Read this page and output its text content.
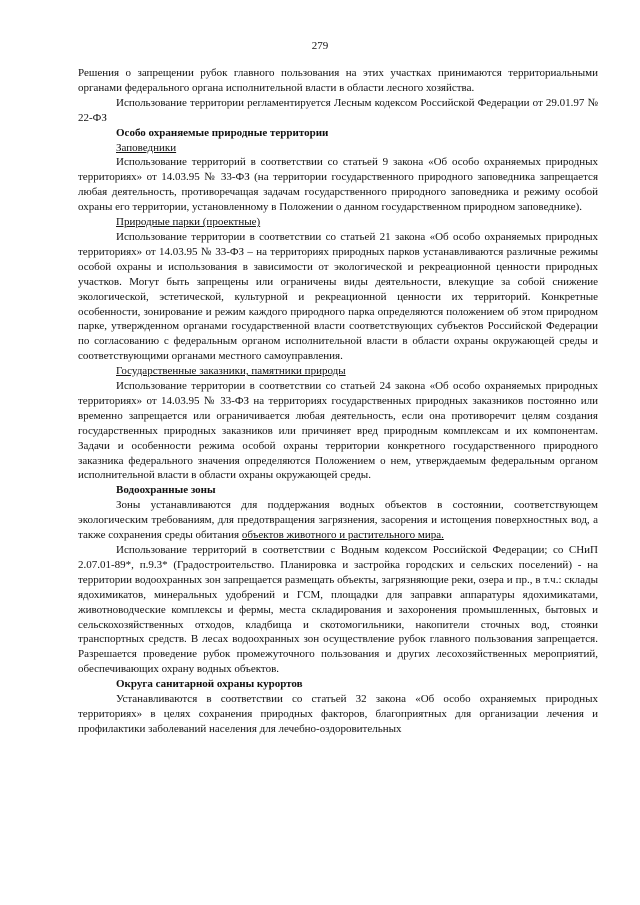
279

Решения о запрещении рубок главного пользования на этих участках принимаются территориальными органами федерального органа исполнительной власти в области лесного хозяйства.

Использование территории регламентируется Лесным кодексом Российской Федерации от 29.01.97 № 22-ФЗ

Особо охраняемые природные территории
Заповедники

Использование территорий в соответствии со статьей 9 закона «Об особо охраняемых природных территориях» от 14.03.95 № 33-ФЗ (на территории государственного природного заповедника запрещается любая деятельность, противоречащая задачам государственного природного заповедника и режиму особой охраны его территории, установленному в Положении о данном государственном природном заповеднике).

Природные парки (проектные)

Использование территории в соответствии со статьей 21 закона «Об особо охраняемых природных территориях» от 14.03.95 № 33-ФЗ – на территориях природных парков устанавливаются различные режимы особой охраны и использования в зависимости от экологической и рекреационной ценности природных участков. Могут быть запрещены или ограничены виды деятельности, влекущие за собой снижение экологической, эстетической, культурной и рекреационной ценности их территорий. Конкретные особенности, зонирование и режим каждого природного парка определяются положением об этом природном парке, утвержденном органами государственной власти соответствующих субъектов Российской Федерации по согласованию с федеральным органом исполнительной власти в области охраны окружающей среды и соответствующими органами местного самоуправления.

Государственные заказники, памятники природы

Использование территории в соответствии со статьей 24 закона «Об особо охраняемых природных территориях» от 14.03.95 № 33-ФЗ на территориях государственных природных заказников постоянно или временно запрещается или ограничивается любая деятельность, если она противоречит целям создания государственных природных заказников или причиняет вред природным комплексам и их компонентам. Задачи и особенности режима особой охраны территории конкретного государственного природного заказника федерального значения определяются Положением о нем, утверждаемым федеральным органом исполнительной власти в области охраны окружающей среды.

Водоохранные зоны

Зоны устанавливаются для поддержания водных объектов в состоянии, соответствующем экологическим требованиям, для предотвращения загрязнения, засорения и истощения поверхностных вод, а также сохранения среды обитания объектов животного и растительного мира.

Использование территорий в соответствии с Водным кодексом Российской Федерации; со СНиП 2.07.01-89*, п.9.3* (Градостроительство. Планировка и застройка городских и сельских поселений) - на территории водоохранных зон запрещается размещать объекты, загрязняющие реки, озера и пр., в т.ч.: склады ядохимикатов, минеральных удобрений и ГСМ, площадки для заправки аппаратуры ядохимикатами, животноводческие комплексы и фермы, места складирования и захоронения промышленных, бытовых и сельскохозяйственных отходов, кладбища и скотомогильники, накопители сточных вод, стоянки транспортных средств. В лесах водоохранных зон осуществление рубок главного пользования запрещается. Разрешается проведение рубок промежуточного пользования и других лесохозяйственных мероприятий, обеспечивающих охрану водных объектов.

Округа санитарной охраны курортов

Устанавливаются в соответствии со статьей 32 закона «Об особо охраняемых природных территориях» в целях сохранения природных факторов, благоприятных для организации лечения и профилактики заболеваний населения для лечебно-оздоровительных
